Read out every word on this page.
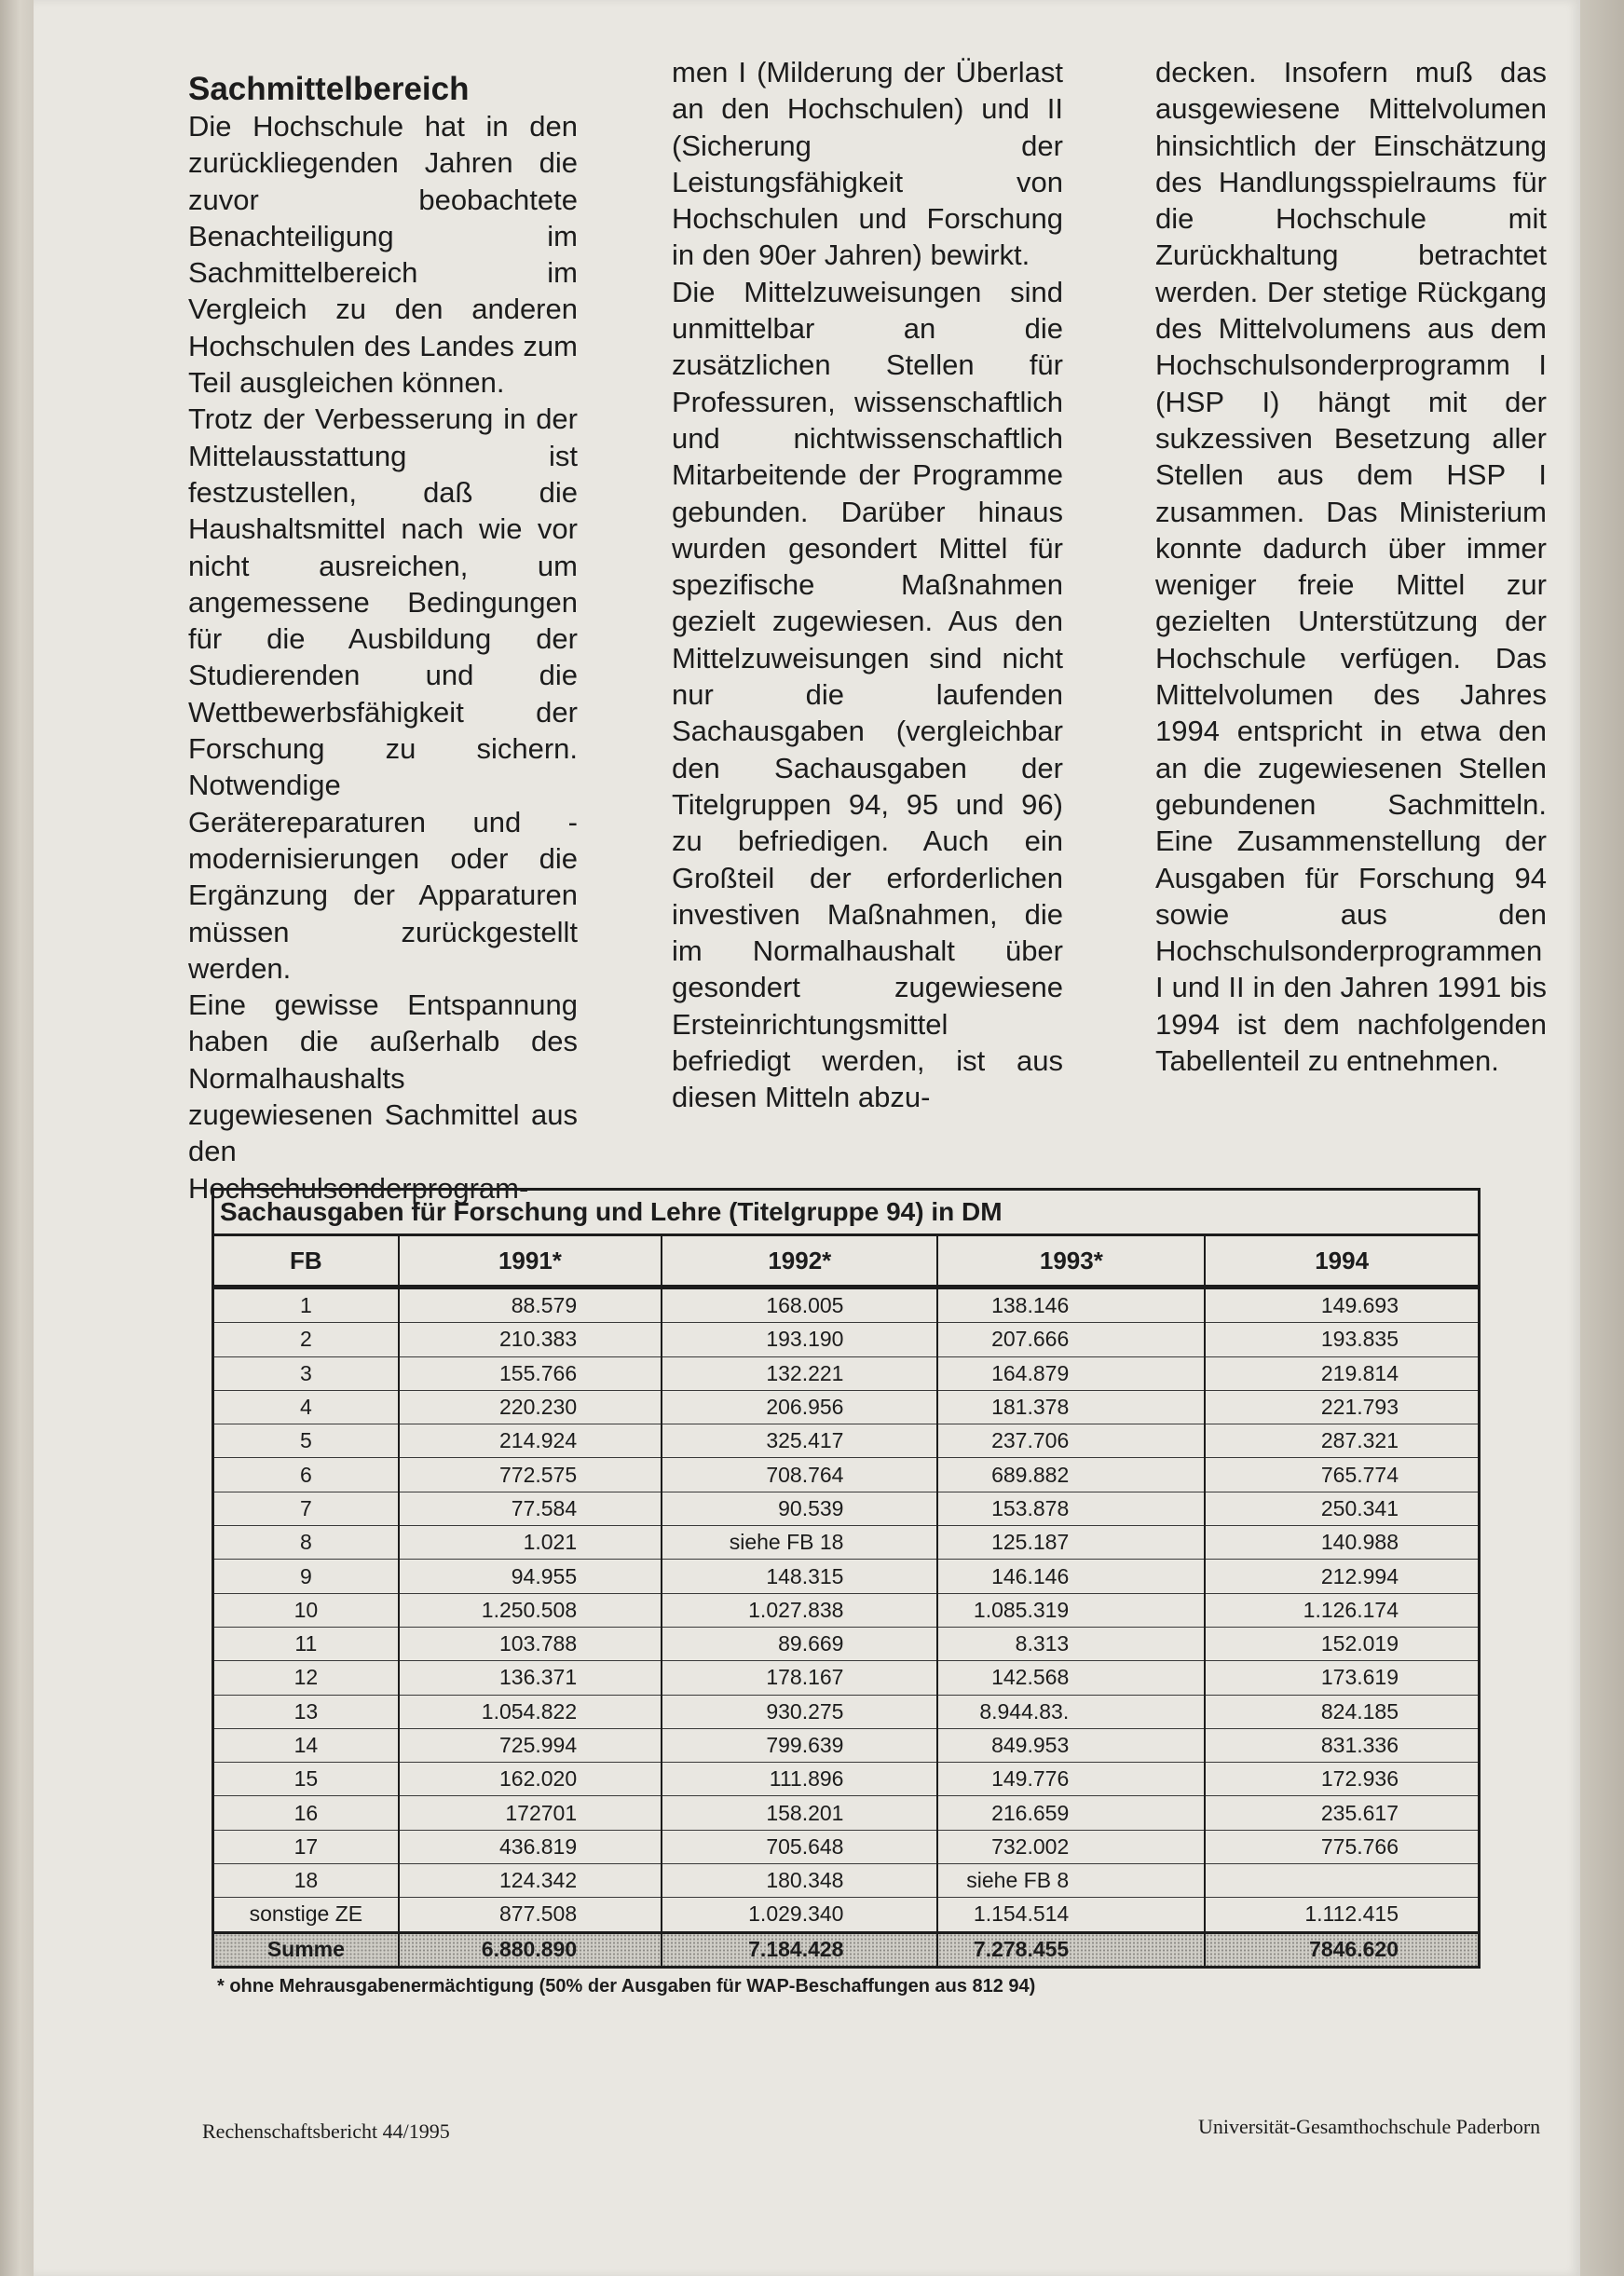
Sachmittelbereich

Die Hochschule hat in den zurückliegenden Jahren die zuvor beobachtete Benachteiligung im Sachmittelbereich im Vergleich zu den anderen Hochschulen des Landes zum Teil ausgleichen können.

Trotz der Verbesserung in der Mittelausstattung ist festzustellen, daß die Haushaltsmittel nach wie vor nicht ausreichen, um angemessene Bedingungen für die Ausbildung der Studierenden und die Wettbewerbsfähigkeit der Forschung zu sichern. Notwendige Gerätereparaturen und -modernisierungen oder die Ergänzung der Apparaturen müssen zurückgestellt werden.

Eine gewisse Entspannung haben die außerhalb des Normalhaushalts zugewiesenen Sachmittel aus den Hochschulsonderprogram-

men I (Milderung der Überlast an den Hochschulen) und II (Sicherung der Leistungsfähigkeit von Hochschulen und Forschung in den 90er Jahren) bewirkt.

Die Mittelzuweisungen sind unmittelbar an die zusätzlichen Stellen für Professuren, wissenschaftlich und nichtwissenschaftlich Mitarbeitende der Programme gebunden. Darüber hinaus wurden gesondert Mittel für spezifische Maßnahmen gezielt zugewiesen. Aus den Mittelzuweisungen sind nicht nur die laufenden Sachausgaben (vergleichbar den Sachausgaben der Titelgruppen 94, 95 und 96) zu befriedigen. Auch ein Großteil der erforderlichen investiven Maßnahmen, die im Normalhaushalt über gesondert zugewiesene Ersteinrichtungsmittel befriedigt werden, ist aus diesen Mitteln abzu-

decken. Insofern muß das ausgewiesene Mittelvolumen hinsichtlich der Einschätzung des Handlungsspielraums für die Hochschule mit Zurückhaltung betrachtet werden. Der stetige Rückgang des Mittelvolumens aus dem Hochschulsonderprogramm I (HSP I) hängt mit der sukzessiven Besetzung aller Stellen aus dem HSP I zusammen. Das Ministerium konnte dadurch über immer weniger freie Mittel zur gezielten Unterstützung der Hochschule verfügen. Das Mittelvolumen des Jahres 1994 entspricht in etwa den an die zugewiesenen Stellen gebundenen Sachmitteln. Eine Zusammenstellung der Ausgaben für Forschung 94 sowie aus den Hochschulsonderprogrammen I und II in den Jahren 1991 bis 1994 ist dem nachfolgenden Tabellenteil zu entnehmen.

Sachausgaben für Forschung und Lehre (Titelgruppe 94) in DM
FB	1991*	1992*	1993*	1994
1	88.579	168.005	138.146	149.693
2	210.383	193.190	207.666	193.835
3	155.766	132.221	164.879	219.814
4	220.230	206.956	181.378	221.793
5	214.924	325.417	237.706	287.321
6	772.575	708.764	689.882	765.774
7	77.584	90.539	153.878	250.341
8	1.021	siehe FB 18	125.187	140.988
9	94.955	148.315	146.146	212.994
10	1.250.508	1.027.838	1.085.319	1.126.174
11	103.788	89.669	8.313	152.019
12	136.371	178.167	142.568	173.619
13	1.054.822	930.275	8.944.83.	824.185
14	725.994	799.639	849.953	831.336
15	162.020	111.896	149.776	172.936
16	172701	158.201	216.659	235.617
17	436.819	705.648	732.002	775.766
18	124.342	180.348	siehe FB 8	
sonstige ZE	877.508	1.029.340	1.154.514	1.112.415
Summe	6.880.890	7.184.428	7.278.455	7846.620
* ohne Mehrausgabenermächtigung (50% der Ausgaben für WAP-Beschaffungen aus 812 94)
Rechenschaftsbericht 44/1995	Universität-Gesamthochschule Paderborn
